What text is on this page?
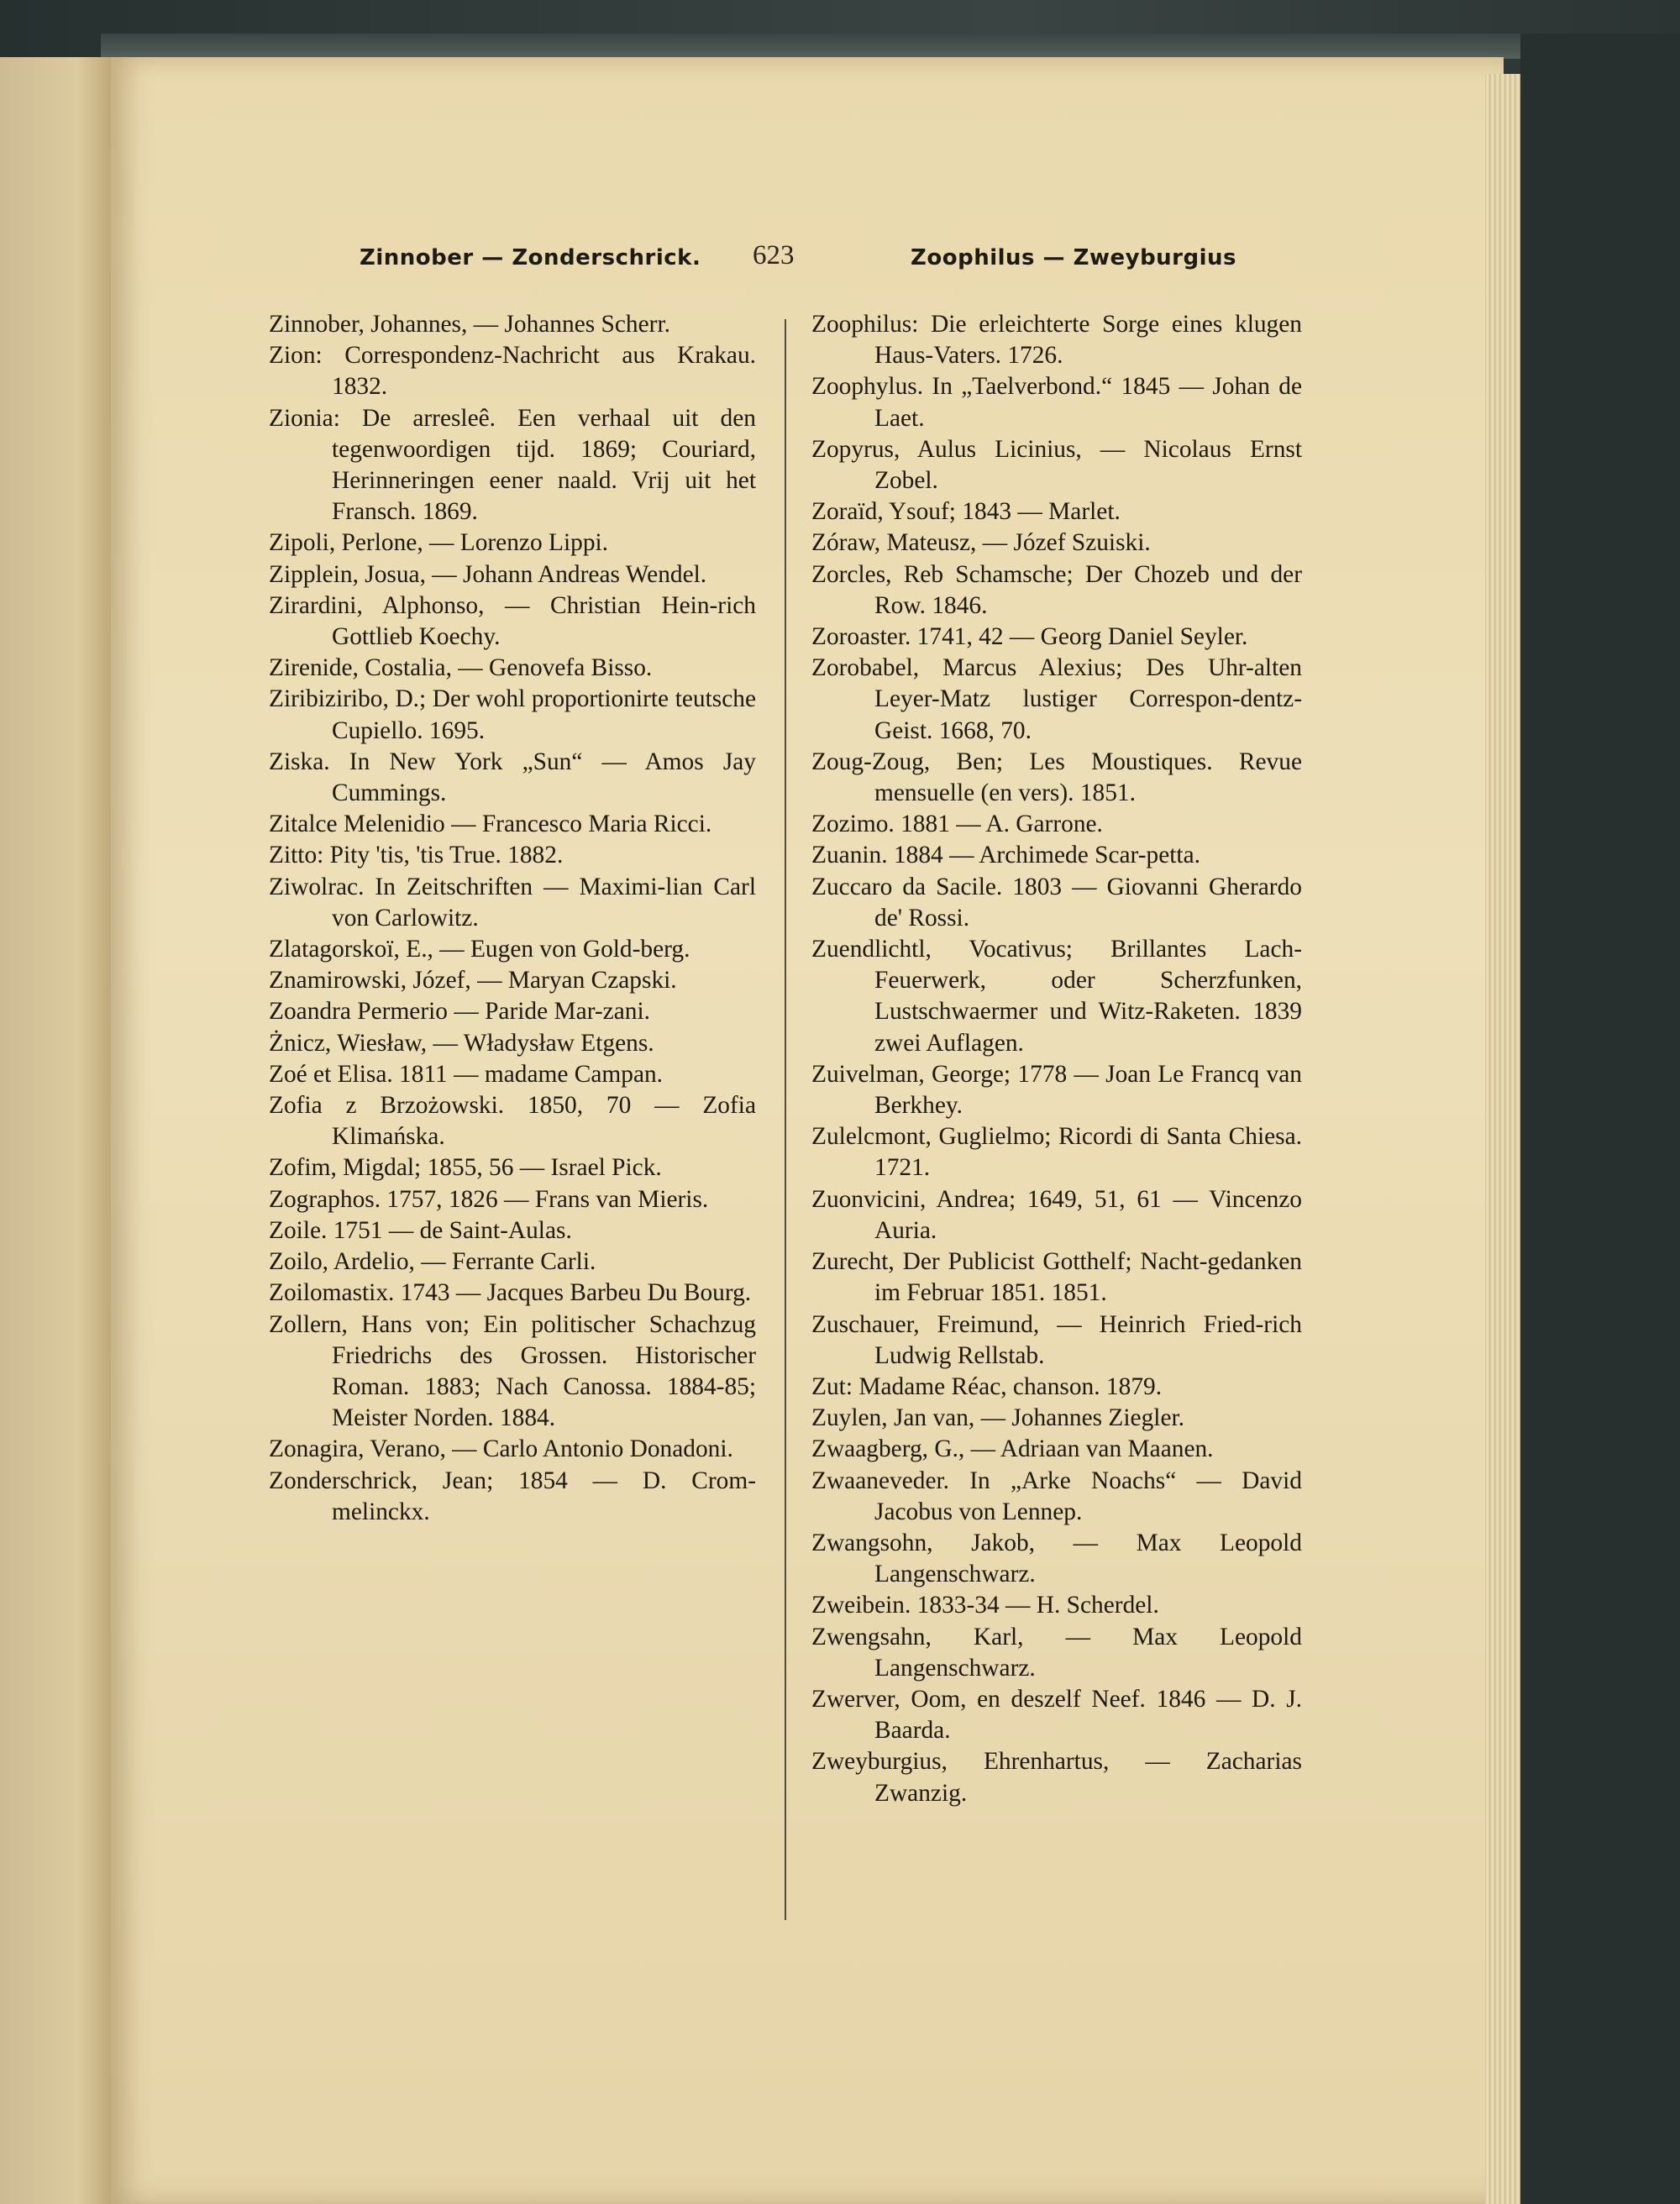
Zinnober — Zonderschrick. 623	Zoophilus — Zweyburgius

Zinnober, Johannes, — Johannes Scherr.

Zion: Correspondenz-Nachricht aus Krakau. 1832.

Zionia: De arresleê. Een verhaal uit den tegenwoordigen tijd. 1869; Couriard, Herinneringen eener naald. Vrij uit het Fransch. 1869.

Zipoli, Perlone, — Lorenzo Lippi.

Zipplein, Josua, — Johann Andreas Wendel.

Zirardini, Alphonso, — Christian Hein-rich Gottlieb Koechy.

Zirenide, Costalia, — Genovefa Bisso.

Ziribiziribo, D.; Der wohl proportionirte teutsche Cupiello. 1695.

Ziska. In New York „Sun“ — Amos Jay Cummings.

Zitalce Melenidio — Francesco Maria Ricci.

Zitto: Pity 'tis, 'tis True. 1882.

Ziwolrac. In Zeitschriften — Maximi-lian Carl von Carlowitz.

Zlatagorskoï, E., — Eugen von Gold-berg.

Znamirowski, Józef, — Maryan Czapski.

Zoandra Permerio — Paride Mar-zani.

Żnicz, Wiesław, — Władysław Etgens.

Zoé et Elisa. 1811 — madame Campan.

Zofia z Brzożowski. 1850, 70 — Zofia Klimańska.

Zofim, Migdal; 1855, 56 — Israel Pick.

Zographos. 1757, 1826 — Frans van Mieris.

Zoile. 1751 — de Saint-Aulas.

Zoilo, Ardelio, — Ferrante Carli.

Zoilomastix. 1743 — Jacques Barbeu Du Bourg.

Zollern, Hans von; Ein politischer Schachzug Friedrichs des Grossen. Historischer Roman. 1883; Nach Canossa. 1884-85; Meister Norden. 1884.

Zonagira, Verano, — Carlo Antonio Donadoni.

Zonderschrick, Jean; 1854 — D. Crom-melinckx.

Zoophilus: Die erleichterte Sorge eines klugen Haus-Vaters. 1726.

Zoophylus. In „Taelverbond.“ 1845 — Johan de Laet.

Zopyrus, Aulus Licinius, — Nicolaus Ernst Zobel.

Zoraïd, Ysouf; 1843 — Marlet.

Zóraw, Mateusz, — Józef Szuiski.

Zorcles, Reb Schamsche; Der Chozeb und der Row. 1846.

Zoroaster. 1741, 42 — Georg Daniel Seyler.

Zorobabel, Marcus Alexius; Des Uhr-alten Leyer-Matz lustiger Correspon-dentz-Geist. 1668, 70.

Zoug-Zoug, Ben; Les Moustiques. Revue mensuelle (en vers). 1851.

Zozimo. 1881 — A. Garrone.

Zuanin. 1884 — Archimede Scar-petta.

Zuccaro da Sacile. 1803 — Giovanni Gherardo de' Rossi.

Zuendlichtl, Vocativus; Brillantes Lach-Feuerwerk, oder Scherzfunken, Lustschwaermer und Witz-Raketen. 1839 zwei Auflagen.

Zuivelman, George; 1778 — Joan Le Francq van Berkhey.

Zulelcmont, Guglielmo; Ricordi di Santa Chiesa. 1721.

Zuonvicini, Andrea; 1649, 51, 61 — Vincenzo Auria.

Zurecht, Der Publicist Gotthelf; Nacht-gedanken im Februar 1851. 1851.

Zuschauer, Freimund, — Heinrich Fried-rich Ludwig Rellstab.

Zut: Madame Réac, chanson. 1879.

Zuylen, Jan van, — Johannes Ziegler.

Zwaagberg, G., — Adriaan van Maanen.

Zwaaneveder. In „Arke Noachs“ — David Jacobus von Lennep.

Zwangsohn, Jakob, — Max Leopold Langenschwarz.

Zweibein. 1833-34 — H. Scherdel.

Zwengsahn, Karl, — Max Leopold Langenschwarz.

Zwerver, Oom, en deszelf Neef. 1846 — D. J. Baarda.

Zweyburgius, Ehrenhartus, — Zacharias Zwanzig.
